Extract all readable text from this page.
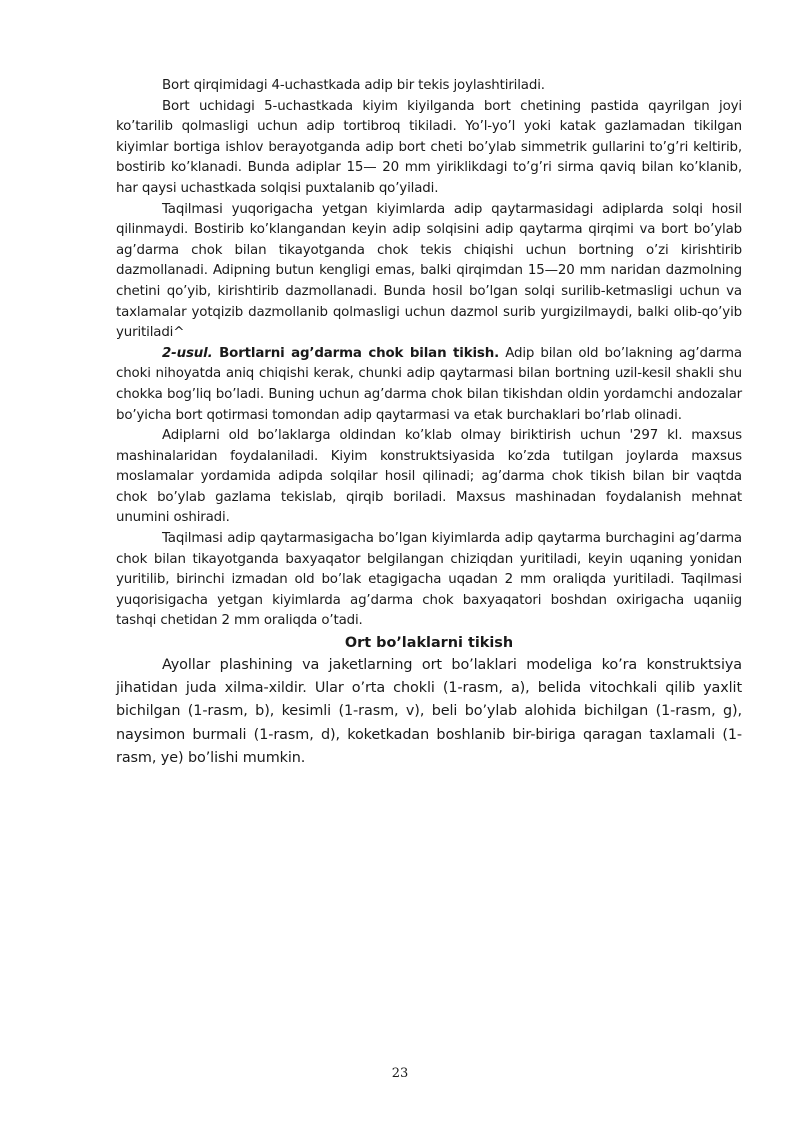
Bort qirqimidagi 4-uchastkada adip bir tekis joylashtiriladi.

Bort uchidagi 5-uchastkada kiyim kiyilganda bort chetining pastida qayrilgan joyi ko’tarilib qolmasligi uchun adip tortibroq tikiladi. Yo’l-yo’l yoki katak gazlamadan tikilgan kiyimlar bortiga ishlov berayotganda adip bort cheti bo’ylab simmetrik gullarini to’g’ri keltirib, bostirib ko’klanadi. Bunda adiplar 15— 20 mm yiriklikdagi to’g’ri sirma qaviq bilan ko’klanib, har qaysi uchastkada solqisi puxtalanib qo’yiladi.

Taqilmasi yuqorigacha yetgan kiyimlarda adip qaytarmasidagi adiplarda solqi hosil qilinmaydi. Bostirib ko’klangandan keyin adip solqisini adip qaytarma qirqimi va bort bo’ylab ag’darma chok bilan tikayotganda chok tekis chiqishi uchun bortning o’zi kirishtirib dazmollanadi. Adipning butun kengligi emas, balki qirqimdan 15—20 mm naridan dazmolning chetini qo’yib, kirishtirib dazmollanadi. Bunda hosil bo’lgan solqi surilib-ketmasligi uchun va taxlamalar yotqizib dazmollanib qolmasligi uchun dazmol surib yurgizilmaydi, balki olib-qo’yib yuritiladi^

2-usul. Bortlarni ag’darma chok bilan tikish. Adip bilan old bo’lakning ag’darma choki nihoyatda aniq chiqishi kerak, chunki adip qaytarmasi bilan bortning uzil-kesil shakli shu chokka bog’liq bo’ladi. Buning uchun ag’darma chok bilan tikishdan oldin yordamchi andozalar bo’yicha bort qotirmasi tomondan adip qaytarmasi va etak burchaklari bo’rlab olinadi.

Adiplarni old bo’laklarga oldindan ko’klab olmay biriktirish uchun '297 kl. maxsus mashinalaridan foydalaniladi. Kiyim konstruktsiyasida ko’zda tutilgan joylarda maxsus moslamalar yordamida adipda solqilar hosil qilinadi; ag’darma chok tikish bilan bir vaqtda chok bo’ylab gazlama tekislab, qirqib boriladi. Maxsus mashinadan foydalanish mehnat unumini oshiradi.

Taqilmasi adip qaytarmasigacha bo’lgan kiyimlarda adip qaytarma burchagini ag’darma chok bilan tikayotganda baxyaqator belgilangan chiziqdan yuritiladi, keyin uqaning yonidan yuritilib, birinchi izmadan old bo’lak etagigacha uqadan 2 mm oraliqda yuritiladi. Taqilmasi yuqorisigacha yetgan kiyimlarda ag’darma chok baxyaqatori boshdan oxirigacha uqaniig tashqi chetidan 2 mm oraliqda o’tadi.

Ort bo’laklarni tikish

Ayollar plashining va jaketlarning ort bo’laklari modeliga ko’ra konstruktsiya jihatidan juda xilma-xildir. Ular o’rta chokli (1-rasm, a), belida vitochkali qilib yaxlit bichilgan (1-rasm, b), kesimli (1-rasm, v), beli bo’ylab alohida bichilgan (1-rasm, g), naysimon burmali (1-rasm, d), koketkadan boshlanib bir-biriga qaragan taxlamali (1-rasm, ye) bo’lishi mumkin.

23
